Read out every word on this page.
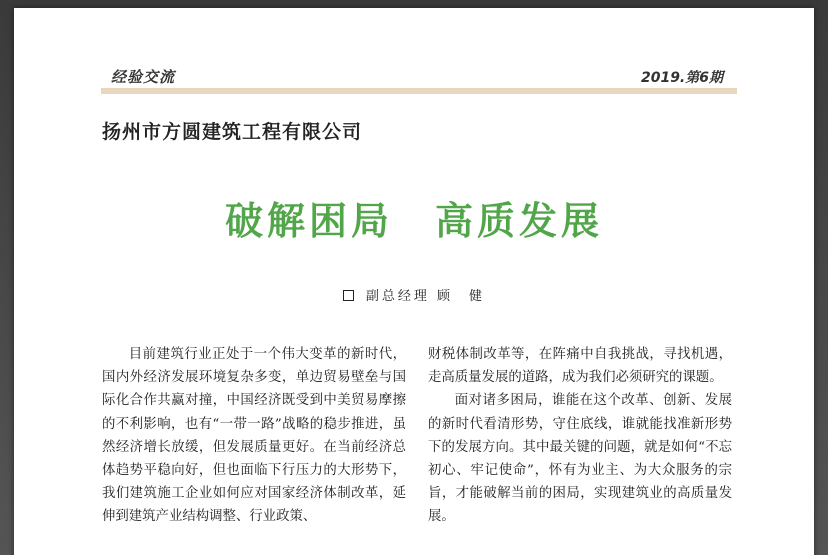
经验交流	2019.第6期
扬州市方圆建筑工程有限公司
破解困局　高质发展
副总经理 顾　健

目前建筑行业正处于一个伟大变革的新时代，国内外经济发展环境复杂多变，单边贸易壁垒与国际化合作共赢对撞，中国经济既受到中美贸易摩擦的不利影响，也有“一带一路”战略的稳步推进，虽然经济增长放缓，但发展质量更好。在当前经济总体趋势平稳向好，但也面临下行压力的大形势下，我们建筑施工企业如何应对国家经济体制改革，延伸到建筑产业结构调整、行业政策、

财税体制改革等，在阵痛中自我挑战，寻找机遇，走高质量发展的道路，成为我们必须研究的课题。

面对诸多困局，谁能在这个改革、创新、发展的新时代看清形势，守住底线，谁就能找准新形势下的发展方向。其中最关键的问题，就是如何“不忘初心、牢记使命”，怀有为业主、为大众服务的宗旨，才能破解当前的困局，实现建筑业的高质量发展。
